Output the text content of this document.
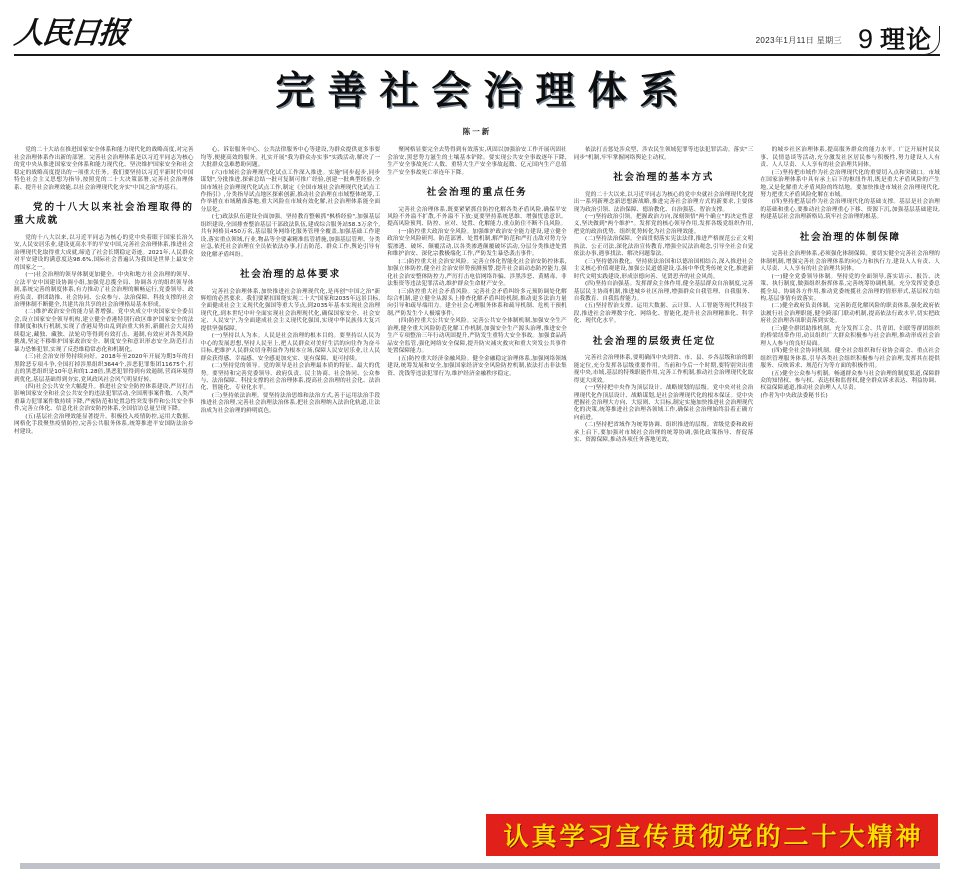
人民日报	2023年1月11日 星期三 9 理论
完善社会治理体系
陈一新

党的二十大站在推进国家安全体系和能力现代化的战略高度,对完善社会治理体系作出新的部署。完善社会治理体系是以习近平同志为核心的党中央从推进国家安全体系和能力现代化、坚决维护国家安全和社会稳定的战略高度提出的一项重大任务。我们要坚持以习近平新时代中国特色社会主义思想为指导,按照党的二十大决策部署,完善社会治理体系、提升社会治理效能,以社会治理现代化夯实"中国之治"的基石。

党的十八大以来社会治理取得的重大成就

党的十八大以来,以习近平同志为核心的党中央着眼于国家长治久安,人民安居乐业,建设更高水平的平安中国,完善社会治理体系,推进社会治理现代化取得重大成就,缔造了社会长期稳定奇迹。2021年,人民群众对平安建设的满意度达98.6%,国际社会普遍认为我国是世界上最安全的国家之一。

(一)社会治理的领导体制更加健全。中央和地方社会治理的领导、立法平安中国建设协调小组,加强党总揽全局、协调各方的组织领导体制,系统完善的制度体系,有力推动了社会治理的顺畅运行,党委领导、政府负责、群团助推、社会协同、公众参与、法治保障、科技支撑的社会治理体制不断健全,共建共治共享的社会治理格局基本形成。

(二)维护政治安全的能力显著增强。党中央成立中央国家安全委员会,设立国家安全领导机构,建立健全香港特别行政区维护国家安全的法律制度和执行机制,实现了香港局势由乱到治重大转折,新疆社会大局持续稳定,藏独、藏独、法轮功等得到有效打击、遏制,有效应对各类风险挑战,坚定不移维护国家政治安全、制度安全和意识形态安全,防范打击暴力恐怖犯罪,实现了反恐维稳常态化和机制化。

(三)社会治安形势持续向好。2018年至2020年开展为期3年的扫黑除恶专项斗争,全国打掉涉黑组织3644个,涉恶犯罪集团11675个,打击的黑恶组织是10年总和的1.28倍,黑恶犯罪得到有效遏制,营商环境得到优化,基层基础得到夯实,党风政风社会风气明显好转。

(四)社会公共安全大幅提升。推进社会安全防控体系建设,严厉打击影响国家安全和社会公共安全的违法犯罪活动,全国刑事案件数、八类严重暴力犯罪案件数持续下降,严密防范和处置急性突发事件和公共安全事件,完善立体化、信息化社会治安防控体系,全国信访总量呈现下降。

(五)基层社会治理效能显著提升。积极投入疫情防控,运用大数据、网格化手段聚焦疫情防控,完善公共服务体系,统筹推进平安国防法治乡村建设。

心、诉讼服务中心、公共法律服务中心等建设,为群众提供更多事要均等,便捷高效的服务。扎实开展"我为群众办实事"实践活动,解决了一大批群众急难愁盼问题。

(六)市域社会治理现代化试点工作深入推进。实施"同步起步,同步谋划",分批推进,探索总结一批可复制可推广经验,创建一批典型经验,全国市域社会治理现代化试点工作,制定《全国市域社会治理现代化试点工作指引》,分类指导试点地区探索创新,推动社会治理在市域整体统筹,工作举措在市域精准落地,重大风险在市域有效化解,社会治理体系能全面分层化。

(七)政法队伍建设全面加强。坚持教育整顿抓"枫桥经验",加强基层组织建设,全国排查整治基层干部政法队伍,建成综合服务站58.3万余个,共有网格员450万名,基层服务网络化服务管理全覆盖,加强基础工作建设,落实重点领域,行业,物品等全要素精准监管措施,加强基层管理、分类应急,依托社会治理在全员依依法办事,打击防范、群众工作,舆论引导有效化解矛盾纠纷。

社会治理的总体要求

完善社会治理体系,加快推进社会治理现代化,是再创"中国之治"新辉煌的必然要求。我们要紧扣围绕实现二十大"国家和2035年远景目标,全面健成社会主义现代化强国等重大节点,到2035年基本实现社会治理现代化,到本世纪中叶全面实现社会治理现代化,确保国家安全、社会安定、人民安宁,为全面建成社会主义现代化强国,实现中华民族伟大复兴提供坚强保障。

(一)坚持以人为本。人民是社会治理的根本目的。要坚持以人民为中心的发展思想,坚持人民至上,把人民群众对美好生活的向往作为奋斗目标,把维护人民群众切身利益作为根本立场,保障人民安居乐业,让人民群众获得感、幸福感、安全感更加充实、更有保障、更可持续。

(二)坚持党的领导。党的领导是社会治理最本质的特征、最大的优势。要坚持和完善党委领导、政府负责、民主协商、社会协同、公众参与、法治保障、科技支撑的社会治理体系,提高社会治理的社会化、法治化、智能化、专业化水平。

(三)坚持依法治理。要坚持法治思维和法治方式,善于运用法治手段推进社会治理,完善社会治理法治体系,把社会治理纳入法治化轨道,让法治成为社会治理的鲜明底色。

聚网格显要完全去势得到有效落实,巩固以加强治安工作开展巩固社会治安,黑恶势力滋生的土壤基本铲除。要实现公共安全事故逐年下降,生产安全事故死亡人数、重特大生产安全事故起数、亿元国内生产总值生产安全事故死亡率连年下降。

社会治理的重点任务

完善社会治理体系,既要紧紧抓住防控化解各类矛盾风险,确保平安风险不外溢不扩散,不外溢不下放;更要坚持系统思维、增强忧患意识、提高风险预判、防控、应对、处置、化解能力,重点防住不断不良风险。

(一)防控重大政治安全风险。加强维护政治安全能力建设,建立健全政治安全风险研判、防范部署、处置机制,解严防范和严打击敌对势力分裂渗透、破坏、颠覆活动,以各类渗透颠覆破坏活动,分层分类推进处置和维护治安、深化宗教极端化工作,严防发生暴恐袭击事件。

(二)防控重大社会治安风险。完善立体化智能化社会治安防控体系,加强立体防控,健全社会治安形势预测预警,提升社会面动态防控能力,强化社会治安整体防控力,严厉打击电信网络诈骗、涉黑涉恶、黄赌毒、非法集资等违法犯罪活动,维护群众生命财产安全。

(三)防控重大社会矛盾风险。完善社会矛盾纠纷多元预防调处化解综合机制,建立健全从源头上排查化解矛盾纠纷机制,推动更多法治力量向引导和疏导端用力。建全社会心理服务体系和疏导机制、危机干预机制,严防发生个人极端事件。

(四)防控重大公共安全风险。完善公共安全体制机制,加强安全生产治理,健全重大风险防范化解工作机制,加强安全生产源头治理,推进安全生产专项整治三年行动巩固提升,严防发生重特大安全事故。加强食品药品安全监管,强化网络安全保障,提升防灾减灾救灾和重大突发公共事件处置保障能力。

(五)防控重大经济金融风险。健全金融稳定治理体系,加强网络领域建设,统筹发展和安全,加强国家经济安全风险防控机制,依法打击非法集资、洗钱等违法犯罪行为,维护经济金融秩序稳定。

依法打击惩处涉众型、涉农民生领域犯罪等违法犯罪活动。落实"三同步"机制,牢牢掌握网络舆论主动权。

社会治理的基本方式

党的二十大以来,以习近平同志为核心的党中央就社会治理现代化提出一系列新理念新思想新战略,推进完善社会治理方式的新要求,主要体现为政治引领、法治保障、德治教化、自治强基、智治支撑。

(一)坚持政治引领。把握政治方向,深刻领悟"两个确立"的决定性意义,坚决做到"两个维护"。发挥党的核心领导作用,发挥各级党组织作用,把党的政治优势、组织优势转化为社会治理效能。

(二)坚持法治保障。全面贯彻落实宪法法律,推进严格规范公正文明执法、公正司法,深化法治宣传教育,增强全民法治观念,引导全社会自觉依法办事,遇事找法、解决问题靠法。

(三)坚持德治教化。坚持依法治国和以德治国相结合,深入推进社会主义核心价值观建设,加强公民道德建设,弘扬中华优秀传统文化,推进新时代文明实践建设,形成崇德向善、见贤思齐的社会风尚。

(四)坚持自治强基。发挥群众主体作用,健全基层群众自治制度,完善基层民主协商机制,推进城乡社区治理,增强群众自我管理、自我服务、自我教育、自我监督能力。

(五)坚持智治支撑。运用大数据、云计算、人工智能等现代科技手段,推进社会治理数字化、网络化、智能化,提升社会治理精准化、科学化、现代化水平。

社会治理的层级责任定位

完善社会治理体系,要明确四中央到省、市、县、乡各层级和治的职能定位,充分发挥各层级重要作用。当前和今后一个时期,要特别突出重视中央,市域,基层的特殊职能作用,完善工作机制,推动社会治理现代化取得更大成效。

(一)坚持把中央作为顶层设计、战略规划的层级。党中央对社会治理现代化作顶层设计、战略谋划,是社会治理现代化的根本保证。党中央把握社会治理大方向、大原则、大目标,制定实施加快推进社会治理现代化的决策,统筹推进社会治理各领域工作,确保社会治理始终沿着正确方向前进。

(二)坚持把省域作为统筹协调、组织推进的层级。省级党委和政府承上启下,要加强对市域社会治理的统筹协调,强化政策指导、督促落实、资源保障,推动各项任务落地见效。

的城乡社区治理体系,提高服务群众的能力水平。广泛开展村民议事、民情恳谈等活动,充分激发社区居民参与积极性,努力建设人人有责、人人尽责、人人享有的社会治理共同体。

(三)坚持把市域作为社会治理现代化的重要切入点和突破口。市域在国家治理体系中具有承上启下的枢纽作用,既是重大矛盾风险的产生地,又是化解重大矛盾风险的终结地。要加快推进市域社会治理现代化,努力把重大矛盾风险化解在市域。

(四)坚持把基层作为社会治理现代化的基础支撑。基层是社会治理的基础和重心,要推动社会治理重心下移、资源下沉,加强基层基础建设,构建基层社会治理新格局,筑牢社会治理的根基。

社会治理的体制保障

完善社会治理体系,必须强化体制保障。要切实健全完善社会治理的体制机制,增强完善社会治理体系的向心力和执行力,建设人人有责、人人尽责、人人享有的社会治理共同体。

(一)健全党委领导体制。坚持党的全面领导,落实请示、报告、决策、执行制度,做强组织指挥体系,完善统筹协调机制。充分发挥党委总揽全局、协调各方作用,推动党委统揽社会治理的情形形式,基层权力结构,基层事情有效落实。

(二)健全政府负责体制。完善防范化解风险的职责体系,强化政府依法履行社会治理职能,健全跨部门联动机制,提高依法行政水平,切实把政府社会治理各项职责落到实处。

(三)健全群团助推机制。充分发挥工会、共青团、妇联等群团组织的桥梁纽带作用,动员组织广大群众积极参与社会治理,推动形成社会治理人人参与的良好局面。

(四)健全社会协同机制。健全社会组织和行业协会商会、重点社会组织管理服务体系,引导各类社会组织积极参与社会治理,发挥其在提供服务、反映诉求、规范行为等方面的积极作用。

(五)健全公众参与机制。畅通群众参与社会治理的制度渠道,保障群众的知情权、参与权、表达权和监督权,健全群众诉求表达、利益协调、权益保障通道,推动社会治理人人尽责。

(作者为中央政法委秘书长)

认真学习宣传贯彻党的二十大精神
